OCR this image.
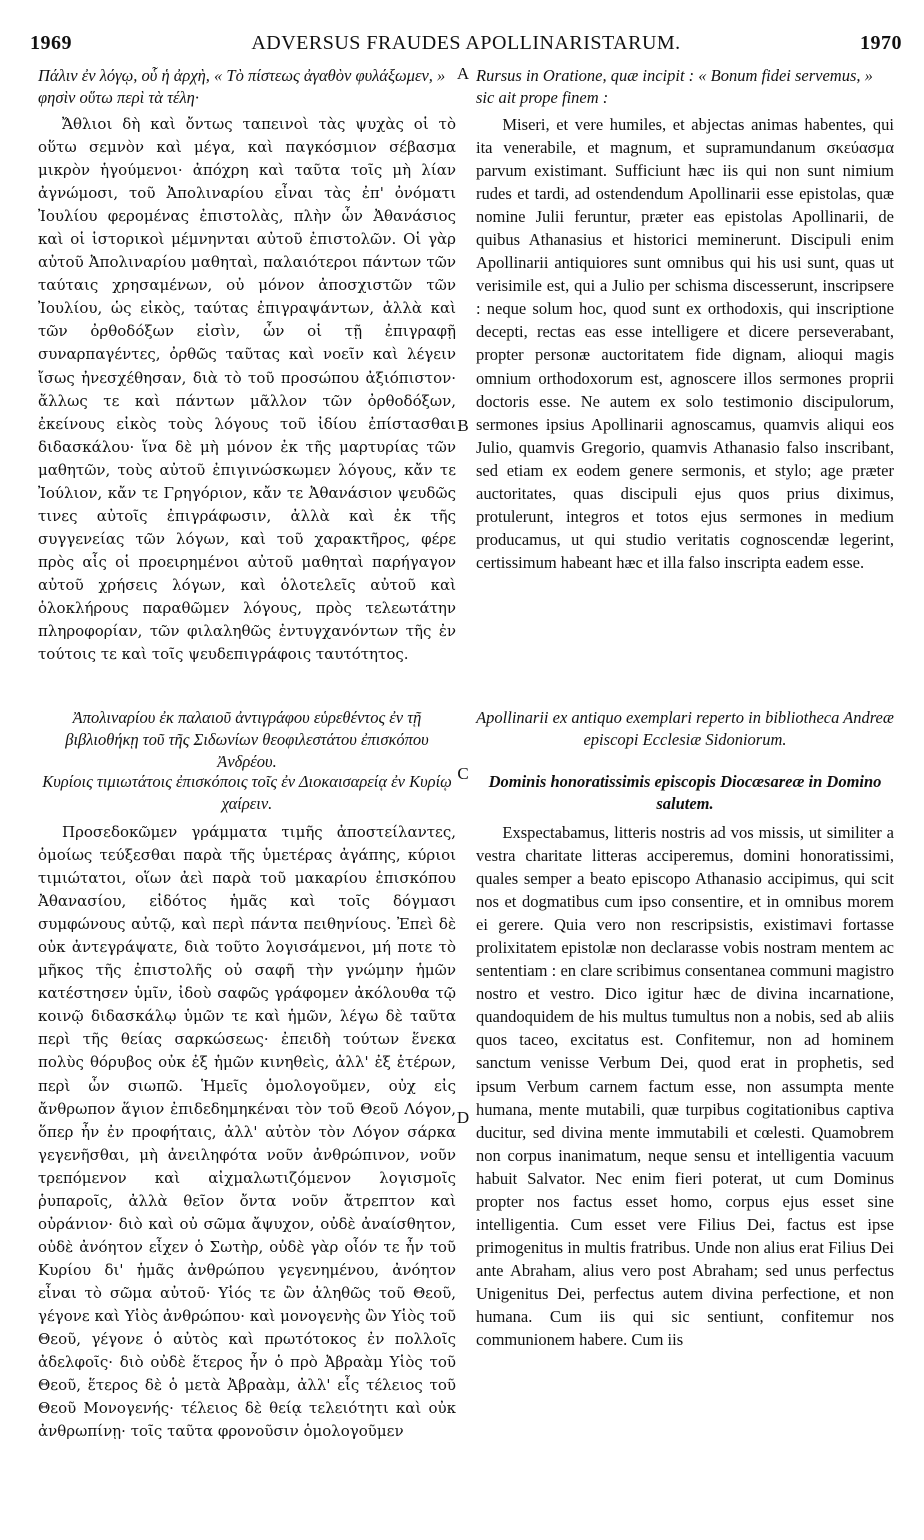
1969	ADVERSUS FRAUDES APOLLINARISTARUM.	1970
A
B
C
D
Πάλιν ἐν λόγῳ, οὗ ἡ ἀρχὴ, « Τὸ πίστεως ἀγαθὸν φυλάξωμεν, » φησὶν οὕτω περὶ τὰ τέλη·
Ἄθλιοι δὴ καὶ ὄντως ταπεινοὶ τὰς ψυχὰς οἱ τὸ οὕτω σεμνὸν καὶ μέγα, καὶ παγκόσμιον σέβασμα μικρὸν ἡγούμενοι· ἀπόχρη καὶ ταῦτα τοῖς μὴ λίαν ἀγνώμοσι, τοῦ Ἀπολιναρίου εἶναι τὰς ἐπ' ὀνόματι Ἰουλίου φερομένας ἐπιστολὰς, πλὴν ὧν Ἀθανάσιος καὶ οἱ ἱστορικοὶ μέμνηνται αὐτοῦ ἐπιστολῶν. Οἱ γὰρ αὐτοῦ Ἀπολιναρίου μαθηταὶ, παλαιότεροι πάντων τῶν ταύταις χρησαμένων, οὐ μόνον ἀποσχιστῶν τῶν Ἰουλίου, ὡς εἰκὸς, ταύτας ἐπιγραψάντων, ἀλλὰ καὶ τῶν ὀρθοδόξων εἰσὶν, ὧν οἱ τῇ ἐπιγραφῇ συναρπαγέντες, ὀρθῶς ταῦτας καὶ νοεῖν καὶ λέγειν ἴσως ἠνεσχέθησαν, διὰ τὸ τοῦ προσώπου ἀξιόπιστον· ἄλλως τε καὶ πάντων μᾶλλον τῶν ὀρθοδόξων, ἐκείνους εἰκὸς τοὺς λόγους τοῦ ἰδίου ἐπίστασθαι διδασκάλου· ἵνα δὲ μὴ μόνον ἐκ τῆς μαρτυρίας τῶν μαθητῶν, τοὺς αὐτοῦ ἐπιγινώσκωμεν λόγους, κἄν τε Ἰούλιον, κἄν τε Γρηγόριον, κἄν τε Ἀθανάσιον ψευδῶς τινες αὐτοῖς ἐπιγράφωσιν, ἀλλὰ καὶ ἐκ τῆς συγγενείας τῶν λόγων, καὶ τοῦ χαρακτῆρος, φέρε πρὸς αἷς οἱ προειρημένοι αὐτοῦ μαθηταὶ παρήγαγον αὐτοῦ χρήσεις λόγων, καὶ ὁλοτελεῖς αὐτοῦ καὶ ὁλοκλήρους παραθῶμεν λόγους, πρὸς τελεωτάτην πληροφορίαν, τῶν φιλαληθῶς ἐντυγχανόντων τῆς ἐν τούτοις τε καὶ τοῖς ψευδεπιγράφοις ταυτότητος.
Ἀπολιναρίου ἐκ παλαιοῦ ἀντιγράφου εὑρεθέντος ἐν τῇ βιβλιοθήκῃ τοῦ τῆς Σιδωνίων θεοφιλεστάτου ἐπισκόπου Ἀνδρέου.
Κυρίοις τιμιωτάτοις ἐπισκόποις τοῖς ἐν Διοκαισαρείᾳ ἐν Κυρίῳ χαίρειν.
Προσεδοκῶμεν γράμματα τιμῆς ἀποστείλαντες, ὁμοίως τεύξεσθαι παρὰ τῆς ὑμετέρας ἀγάπης, κύριοι τιμιώτατοι, οἵων ἀεὶ παρὰ τοῦ μακαρίου ἐπισκόπου Ἀθανασίου, εἰδότος ἡμᾶς καὶ τοῖς δόγμασι συμφώνους αὐτῷ, καὶ περὶ πάντα πειθηνίους. Ἐπεὶ δὲ οὐκ ἀντεγράψατε, διὰ τοῦτο λογισάμενοι, μή ποτε τὸ μῆκος τῆς ἐπιστολῆς οὐ σαφῆ τὴν γνώμην ἡμῶν κατέστησεν ὑμῖν, ἰδοὺ σαφῶς γράφομεν ἀκόλουθα τῷ κοινῷ διδασκάλῳ ὑμῶν τε καὶ ἡμῶν, λέγω δὲ ταῦτα περὶ τῆς θείας σαρκώσεως· ἐπειδὴ τούτων ἕνεκα πολὺς θόρυβος οὐκ ἐξ ἡμῶν κινηθεὶς, ἀλλ' ἐξ ἑτέρων, περὶ ὧν σιωπῶ. Ἡμεῖς ὁμολογοῦμεν, οὐχ εἰς ἄνθρωπον ἅγιον ἐπιδεδημηκέναι τὸν τοῦ Θεοῦ Λόγον, ὅπερ ἦν ἐν προφήταις, ἀλλ' αὐτὸν τὸν Λόγον σάρκα γεγενῆσθαι, μὴ ἀνειληφότα νοῦν ἀνθρώπινον, νοῦν τρεπόμενον καὶ αἰχμαλωτιζόμενον λογισμοῖς ῥυπαροῖς, ἀλλὰ θεῖον ὄντα νοῦν ἄτρεπτον καὶ οὐράνιον· διὸ καὶ οὐ σῶμα ἄψυχον, οὐδὲ ἀναίσθητον, οὐδὲ ἀνόητον εἶχεν ὁ Σωτὴρ, οὐδὲ γὰρ οἷόν τε ἦν τοῦ Κυρίου δι' ἡμᾶς ἀνθρώπου γεγενημένου, ἀνόητον εἶναι τὸ σῶμα αὐτοῦ· Υἱός τε ὢν ἀληθῶς τοῦ Θεοῦ, γέγονε καὶ Υἱὸς ἀνθρώπου· καὶ μονογενὴς ὢν Υἱὸς τοῦ Θεοῦ, γέγονε ὁ αὐτὸς καὶ πρωτότοκος ἐν πολλοῖς ἀδελφοῖς· διὸ οὐδὲ ἕτερος ἦν ὁ πρὸ Ἀβραὰμ Υἱὸς τοῦ Θεοῦ, ἕτερος δὲ ὁ μετὰ Ἀβραὰμ, ἀλλ' εἷς τέλειος τοῦ Θεοῦ Μονογενής· τέλειος δὲ θείᾳ τελειότητι καὶ οὐκ ἀνθρωπίνῃ· τοῖς ταῦτα φρονοῦσιν ὁμολογοῦμεν
Rursus in Oratione, quæ incipit : « Bonum fidei servemus, » sic ait prope finem :
Miseri, et vere humiles, et abjectas animas habentes, qui ita venerabile, et magnum, et supramundanum σκεύασμα parvum existimant. Sufficiunt hæc iis qui non sunt nimium rudes et tardi, ad ostendendum Apollinarii esse epistolas, quæ nomine Julii feruntur, præter eas epistolas Apollinarii, de quibus Athanasius et historici meminerunt. Discipuli enim Apollinarii antiquiores sunt omnibus qui his usi sunt, quas ut verisimile est, qui a Julio per schisma discesserunt, inscripsere : neque solum hoc, quod sunt ex orthodoxis, qui inscriptione decepti, rectas eas esse intelligere et dicere perseverabant, propter personæ auctoritatem fide dignam, alioqui magis omnium orthodoxorum est, agnoscere illos sermones proprii doctoris esse. Ne autem ex solo testimonio discipulorum, sermones ipsius Apollinarii agnoscamus, quamvis aliqui eos Julio, quamvis Gregorio, quamvis Athanasio falso inscribant, sed etiam ex eodem genere sermonis, et stylo; age præter auctoritates, quas discipuli ejus quos prius diximus, protulerunt, integros et totos ejus sermones in medium producamus, ut qui studio veritatis cognoscendæ legerint, certissimum habeant hæc et illa falso inscripta eadem esse.
Apollinarii ex antiquo exemplari reperto in bibliotheca Andreæ episcopi Ecclesiæ Sidoniorum.
Dominis honoratissimis episcopis Diocæsareæ in Domino salutem.
Exspectabamus, litteris nostris ad vos missis, ut similiter a vestra charitate litteras acciperemus, domini honoratissimi, quales semper a beato episcopo Athanasio accipimus, qui scit nos et dogmatibus cum ipso consentire, et in omnibus morem ei gerere. Quia vero non rescripsistis, existimavi fortasse prolixitatem epistolæ non declarasse vobis nostram mentem ac sententiam : en clare scribimus consentanea communi magistro nostro et vestro. Dico igitur hæc de divina incarnatione, quandoquidem de his multus tumultus non a nobis, sed ab aliis quos taceo, excitatus est. Confitemur, non ad hominem sanctum venisse Verbum Dei, quod erat in prophetis, sed ipsum Verbum carnem factum esse, non assumpta mente humana, mente mutabili, quæ turpibus cogitationibus captiva ducitur, sed divina mente immutabili et cœlesti. Quamobrem non corpus inanimatum, neque sensu et intelligentia vacuum habuit Salvator. Nec enim fieri poterat, ut cum Dominus propter nos factus esset homo, corpus ejus esset sine intelligentia. Cum esset vere Filius Dei, factus est ipse primogenitus in multis fratribus. Unde non alius erat Filius Dei ante Abraham, alius vero post Abraham; sed unus perfectus Unigenitus Dei, perfectus autem divina perfectione, et non humana. Cum iis qui sic sentiunt, confitemur nos communionem habere. Cum iis
